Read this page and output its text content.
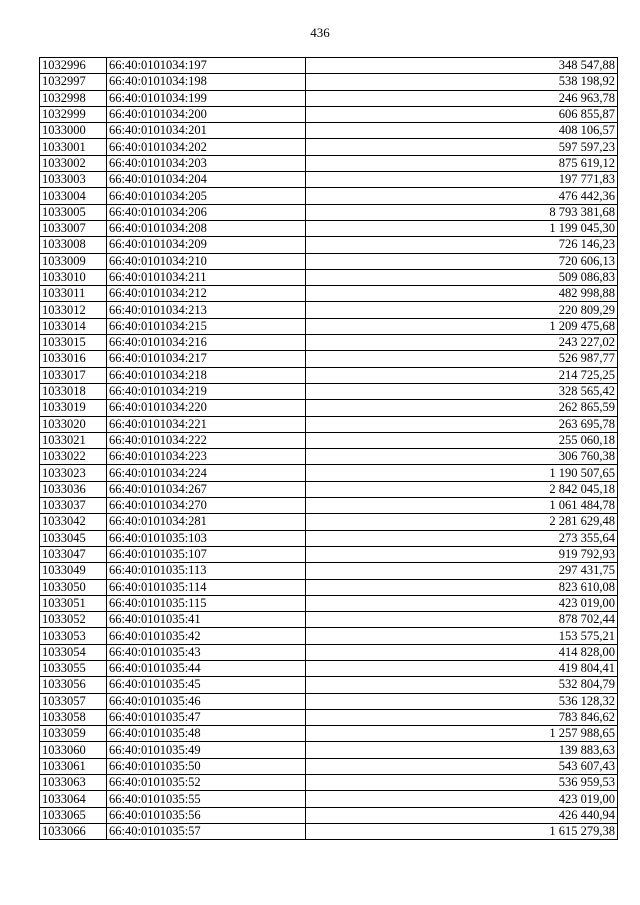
436
1032996	66:40:0101034:197	348 547,88
1032997	66:40:0101034:198	538 198,92
1032998	66:40:0101034:199	246 963,78
1032999	66:40:0101034:200	606 855,87
1033000	66:40:0101034:201	408 106,57
1033001	66:40:0101034:202	597 597,23
1033002	66:40:0101034:203	875 619,12
1033003	66:40:0101034:204	197 771,83
1033004	66:40:0101034:205	476 442,36
1033005	66:40:0101034:206	8 793 381,68
1033007	66:40:0101034:208	1 199 045,30
1033008	66:40:0101034:209	726 146,23
1033009	66:40:0101034:210	720 606,13
1033010	66:40:0101034:211	509 086,83
1033011	66:40:0101034:212	482 998,88
1033012	66:40:0101034:213	220 809,29
1033014	66:40:0101034:215	1 209 475,68
1033015	66:40:0101034:216	243 227,02
1033016	66:40:0101034:217	526 987,77
1033017	66:40:0101034:218	214 725,25
1033018	66:40:0101034:219	328 565,42
1033019	66:40:0101034:220	262 865,59
1033020	66:40:0101034:221	263 695,78
1033021	66:40:0101034:222	255 060,18
1033022	66:40:0101034:223	306 760,38
1033023	66:40:0101034:224	1 190 507,65
1033036	66:40:0101034:267	2 842 045,18
1033037	66:40:0101034:270	1 061 484,78
1033042	66:40:0101034:281	2 281 629,48
1033045	66:40:0101035:103	273 355,64
1033047	66:40:0101035:107	919 792,93
1033049	66:40:0101035:113	297 431,75
1033050	66:40:0101035:114	823 610,08
1033051	66:40:0101035:115	423 019,00
1033052	66:40:0101035:41	878 702,44
1033053	66:40:0101035:42	153 575,21
1033054	66:40:0101035:43	414 828,00
1033055	66:40:0101035:44	419 804,41
1033056	66:40:0101035:45	532 804,79
1033057	66:40:0101035:46	536 128,32
1033058	66:40:0101035:47	783 846,62
1033059	66:40:0101035:48	1 257 988,65
1033060	66:40:0101035:49	139 883,63
1033061	66:40:0101035:50	543 607,43
1033063	66:40:0101035:52	536 959,53
1033064	66:40:0101035:55	423 019,00
1033065	66:40:0101035:56	426 440,94
1033066	66:40:0101035:57	1 615 279,38
